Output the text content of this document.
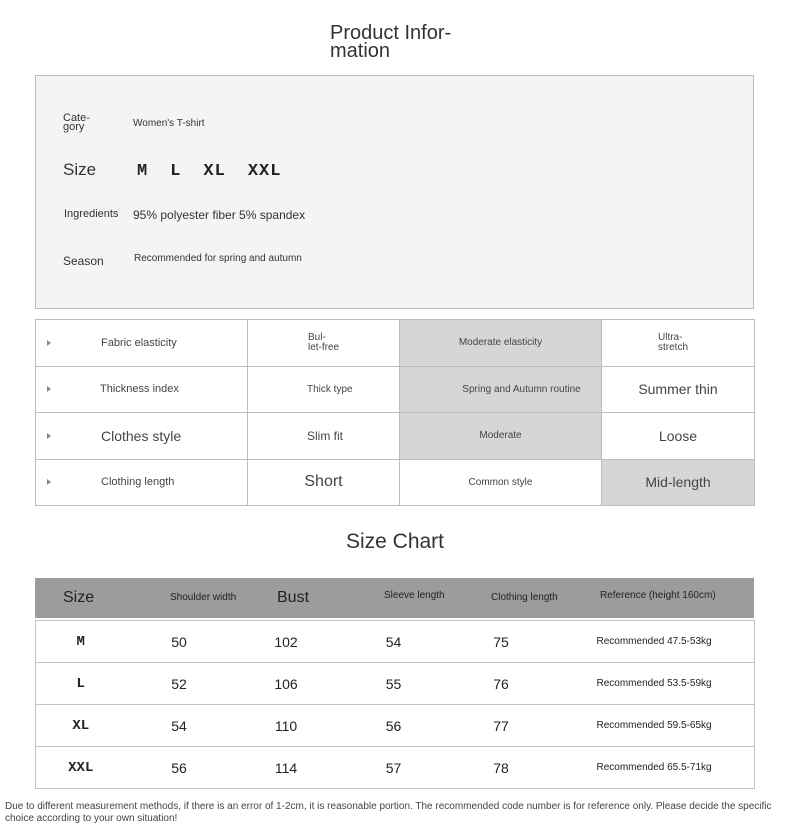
Product Infor-
mation
Cate-
gory	Women's T-shirt
Size M L XL XXL
Ingredients 95% polyester fiber 5% spandex
Season	Recommended for spring and autumn
Fabric elasticity	Bul-
let-free	Moderate elasticity	Ultra-
stretch

Thickness index	Thick type	Spring and Autumn routine	Summer thin

Clothes style	Slim fit	Moderate	Loose

Clothing length	Short	Common style	Mid-length
Size Chart
Size	Shoulder width	Bust	Sleeve length	Clothing length	Reference (height 160cm)
M	50	102	54	75	Recommended 47.5-53kg
L	52	106	55	76	Recommended 53.5-59kg
XL	54	110	56	77	Recommended 59.5-65kg
XXL	56	114	57	78	Recommended 65.5-71kg
Due to different measurement methods, if there is an error of 1-2cm, it is reasonable portion. The recommended code number is for reference only. Please decide the specific choice according to your own situation!
